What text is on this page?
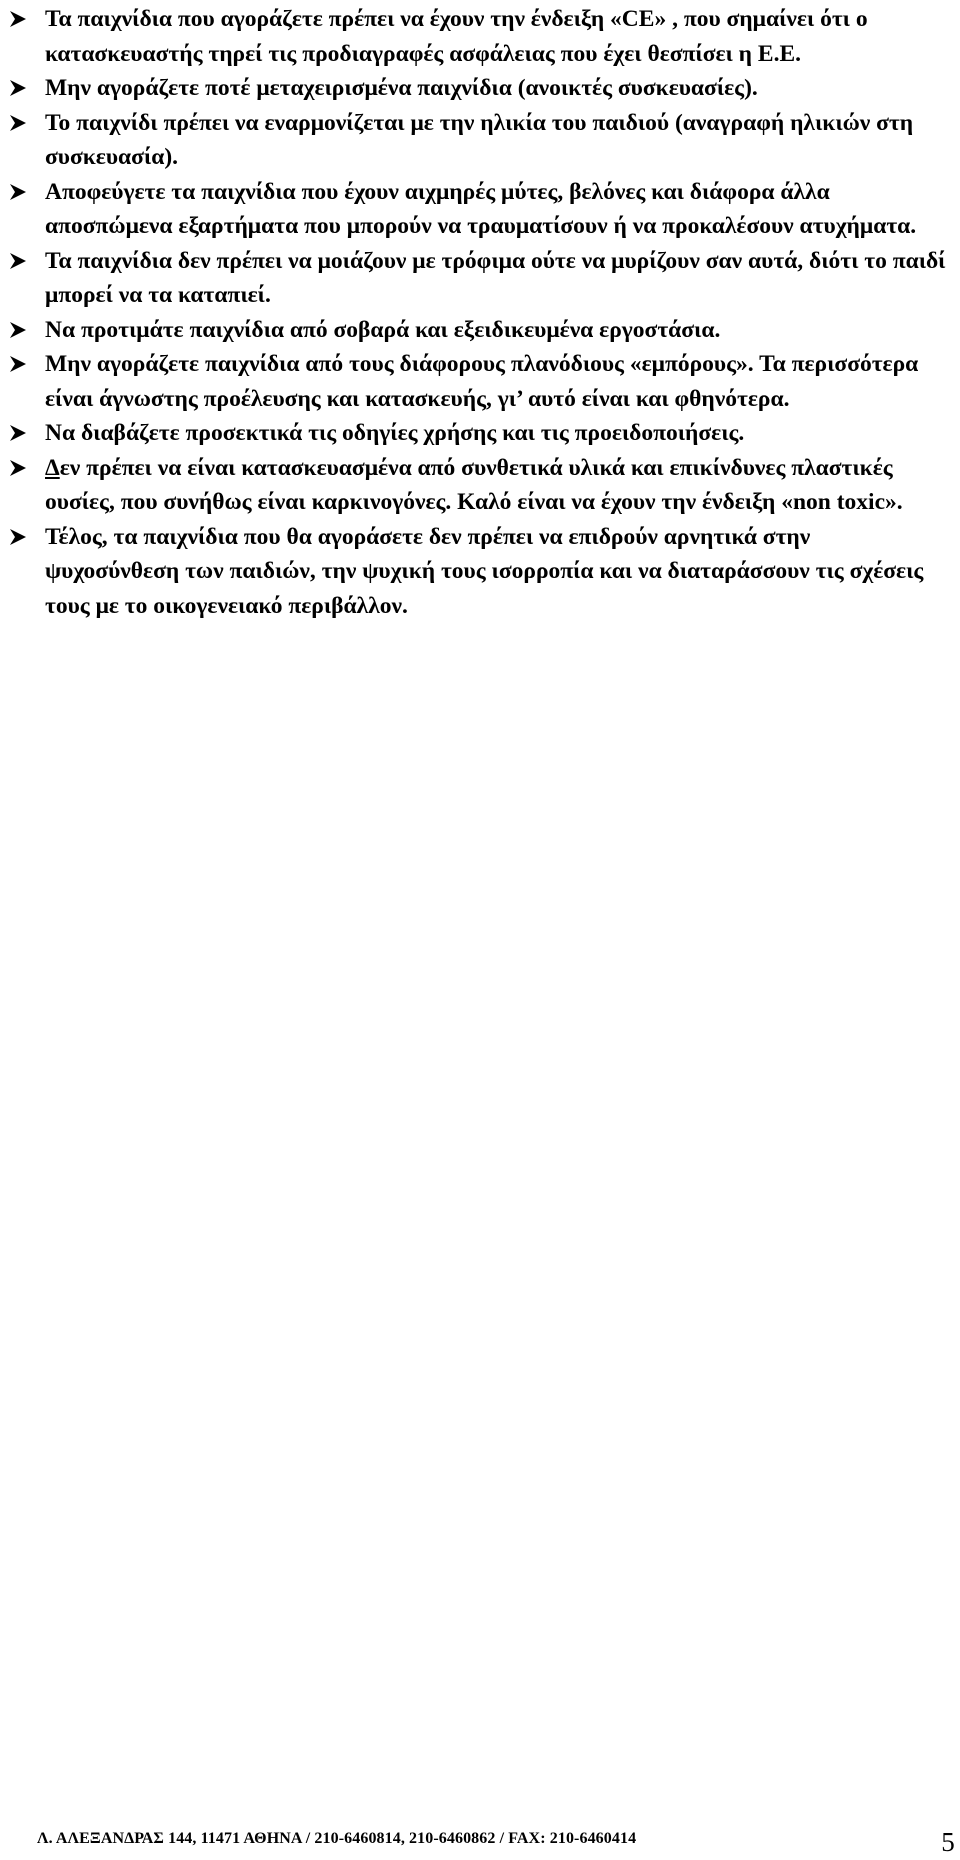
Τα παιχνίδια που αγοράζετε πρέπει να έχουν την ένδειξη «CE» , που σημαίνει ότι ο κατασκευαστής τηρεί τις προδιαγραφές ασφάλειας που έχει θεσπίσει η Ε.Ε.
Μην αγοράζετε ποτέ μεταχειρισμένα παιχνίδια (ανοικτές συσκευασίες).
Το παιχνίδι πρέπει να εναρμονίζεται με την ηλικία του παιδιού (αναγραφή ηλικιών στη συσκευασία).
Αποφεύγετε τα παιχνίδια που έχουν αιχμηρές μύτες, βελόνες και διάφορα άλλα αποσπώμενα εξαρτήματα που μπορούν να τραυματίσουν ή να προκαλέσουν ατυχήματα.
Τα παιχνίδια δεν πρέπει να μοιάζουν με τρόφιμα ούτε να μυρίζουν σαν αυτά, διότι το παιδί μπορεί να τα καταπιεί.
Να προτιμάτε παιχνίδια από σοβαρά και εξειδικευμένα εργοστάσια.
Μην αγοράζετε παιχνίδια από τους διάφορους πλανόδιους «εμπόρους». Τα περισσότερα είναι άγνωστης προέλευσης και κατασκευής, γι’ αυτό είναι και φθηνότερα.
Να διαβάζετε προσεκτικά τις οδηγίες χρήσης και τις προειδοποιήσεις.
Δεν πρέπει να είναι κατασκευασμένα από συνθετικά υλικά και επικίνδυνες πλαστικές ουσίες, που συνήθως είναι καρκινογόνες. Καλό είναι να έχουν την ένδειξη «non toxic».
Τέλος, τα παιχνίδια που θα αγοράσετε δεν πρέπει να επιδρούν αρνητικά στην ψυχοσύνθεση των παιδιών, την ψυχική τους ισορροπία και να διαταράσσουν τις σχέσεις τους με το οικογενειακό περιβάλλον.
Λ. ΑΛΕΞΑΝΔΡΑΣ 144, 11471 ΑΘΗΝΑ / 210-6460814, 210-6460862 / FAX: 210-6460414	5
